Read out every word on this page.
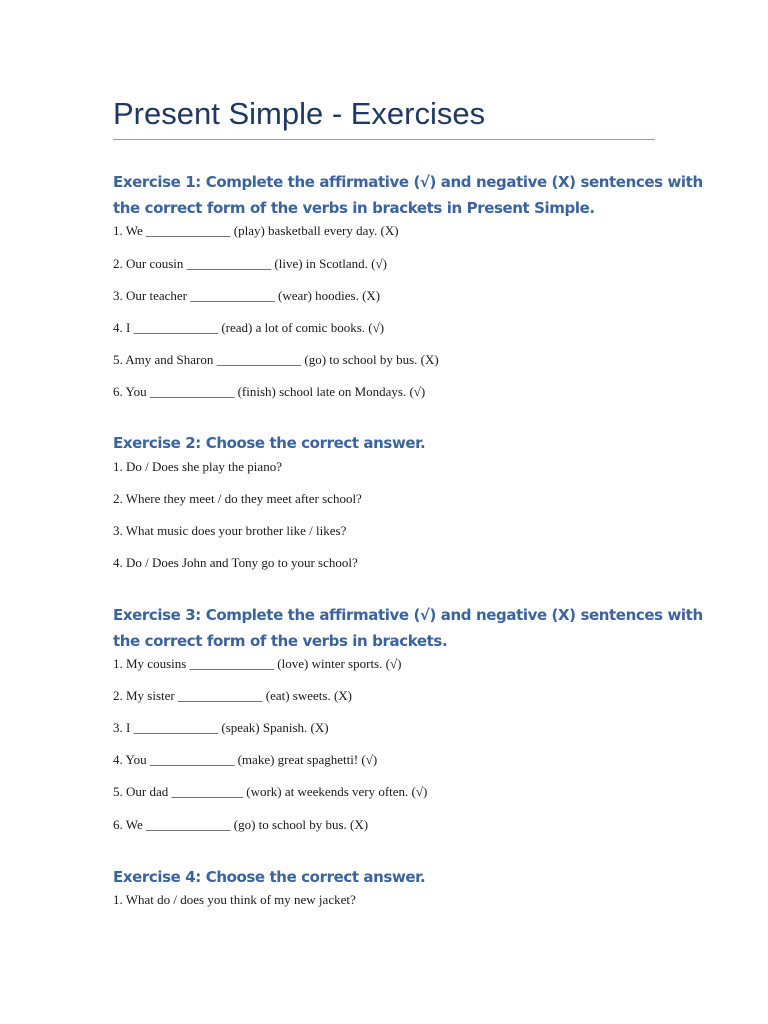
Present Simple - Exercises
Exercise 1: Complete the affirmative (√) and negative (X) sentences with
the correct form of the verbs in brackets in Present Simple.

1. We _____________ (play) basketball every day. (X)

2. Our cousin _____________ (live) in Scotland. (√)

3. Our teacher _____________ (wear) hoodies. (X)

4. I _____________ (read) a lot of comic books. (√)

5. Amy and Sharon _____________ (go) to school by bus. (X)

6. You _____________ (finish) school late on Mondays. (√)

Exercise 2: Choose the correct answer.

1. Do / Does she play the piano?

2. Where they meet / do they meet after school?

3. What music does your brother like / likes?

4. Do / Does John and Tony go to your school?

Exercise 3: Complete the affirmative (√) and negative (X) sentences with
the correct form of the verbs in brackets.

1. My cousins _____________ (love) winter sports. (√)

2. My sister _____________ (eat) sweets. (X)

3. I _____________ (speak) Spanish. (X)

4. You _____________ (make) great spaghetti! (√)

5. Our dad ___________ (work) at weekends very often. (√)

6. We _____________ (go) to school by bus. (X)

Exercise 4: Choose the correct answer.

1. What do / does you think of my new jacket?
